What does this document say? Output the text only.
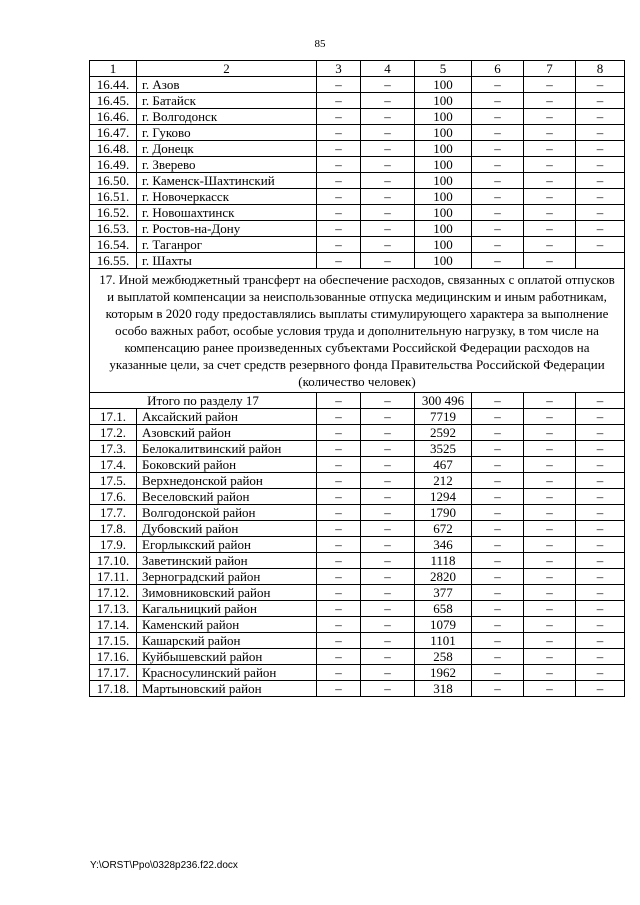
85
1	2	3	4	5	6	7	8
16.44.	г. Азов	–	–	100	–	–	–
16.45.	г. Батайск	–	–	100	–	–	–
16.46.	г. Волгодонск	–	–	100	–	–	–
16.47.	г. Гуково	–	–	100	–	–	–
16.48.	г. Донецк	–	–	100	–	–	–
16.49.	г. Зверево	–	–	100	–	–	–
16.50.	г. Каменск-Шахтинский	–	–	100	–	–	–
16.51.	г. Новочеркасск	–	–	100	–	–	–
16.52.	г. Новошахтинск	–	–	100	–	–	–
16.53.	г. Ростов-на-Дону	–	–	100	–	–	–
16.54.	г. Таганрог	–	–	100	–	–	–
16.55.	г. Шахты	–	–	100	–	–	
17. Иной межбюджетный трансферт на обеспечение расходов, связанных с оплатой отпусков и выплатой компенсации за неиспользованные отпуска медицинским и иным работникам, которым в 2020 году предоставлялись выплаты стимулирующего характера за выполнение особо важных работ, особые условия труда и дополнительную нагрузку, в том числе на компенсацию ранее произведенных субъектами Российской Федерации расходов на указанные цели, за счет средств резервного фонда Правительства Российской Федерации (количество человек)							
Итого по разделу 17		–	–	300 496	–	–	–
17.1.	Аксайский район	–	–	7719	–	–	–
17.2.	Азовский район	–	–	2592	–	–	–
17.3.	Белокалитвинский район	–	–	3525	–	–	–
17.4.	Боковский район	–	–	467	–	–	–
17.5.	Верхнедонской район	–	–	212	–	–	–
17.6.	Веселовский район	–	–	1294	–	–	–
17.7.	Волгодонской район	–	–	1790	–	–	–
17.8.	Дубовский район	–	–	672	–	–	–
17.9.	Егорлыкский район	–	–	346	–	–	–
17.10.	Заветинский район	–	–	1118	–	–	–
17.11.	Зерноградский район	–	–	2820	–	–	–
17.12.	Зимовниковский район	–	–	377	–	–	–
17.13.	Кагальницкий район	–	–	658	–	–	–
17.14.	Каменский район	–	–	1079	–	–	–
17.15.	Кашарский район	–	–	1101	–	–	–
17.16.	Куйбышевский район	–	–	258	–	–	–
17.17.	Красносулинский район	–	–	1962	–	–	–
17.18.	Мартыновский район	–	–	318	–	–	–
Y:\ORST\Ppo\0328p236.f22.docx
